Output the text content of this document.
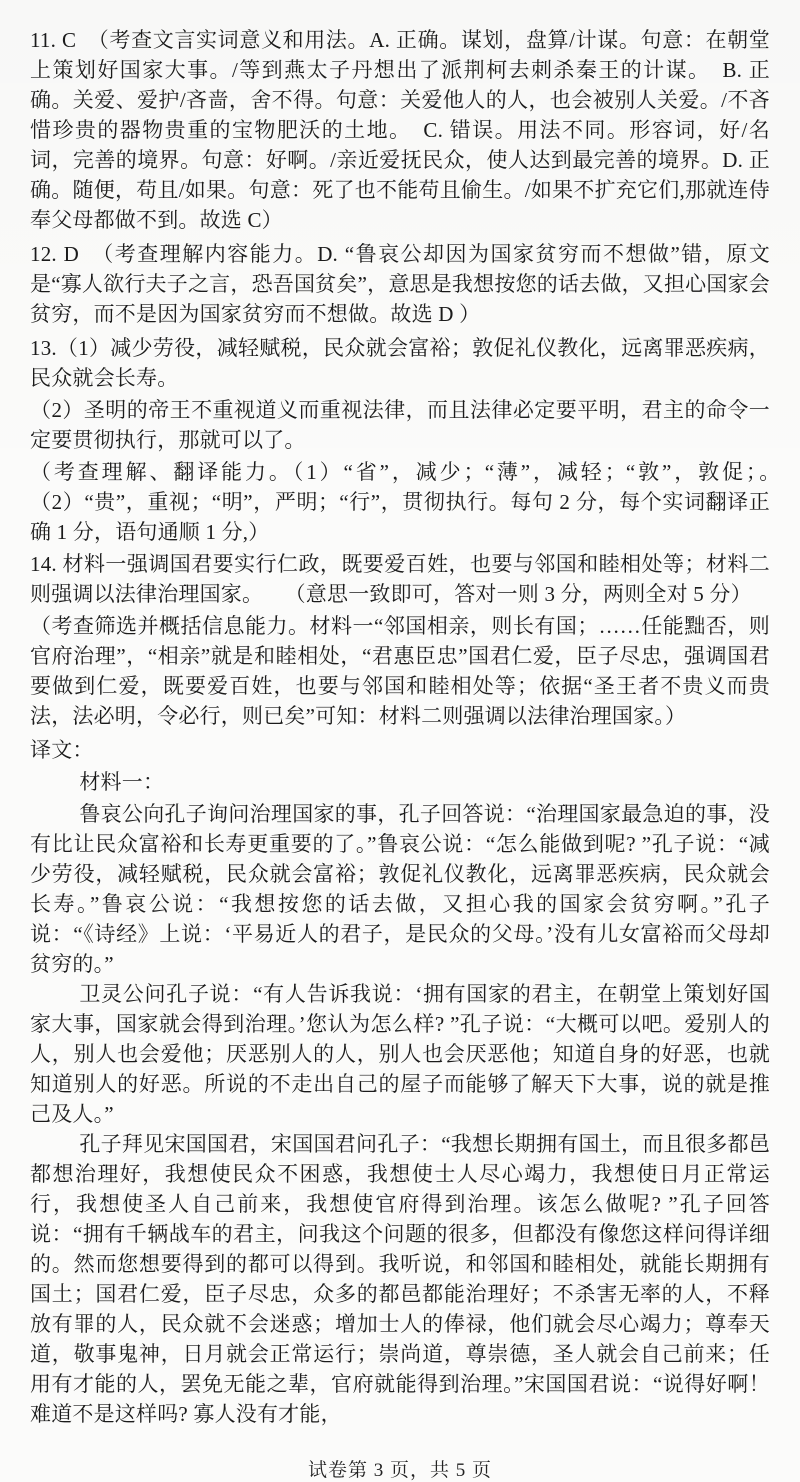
11. C　（考查文言实词意义和用法。A. 正确。谋划，盘算/计谋。句意：在朝堂上策划好国家大事。/等到燕太子丹想出了派荆柯去刺杀秦王的计谋。　B. 正确。关爱、爱护/吝啬，舍不得。句意：关爱他人的人，也会被别人关爱。/不吝惜珍贵的器物贵重的宝物肥沃的土地。　C. 错误。用法不同。形容词，好/名词，完善的境界。句意：好啊。/亲近爱抚民众，使人达到最完善的境界。D. 正确。随便，苟且/如果。句意：死了也不能苟且偷生。/如果不扩充它们,那就连侍奉父母都做不到。故选 C）

12. D　（考查理解内容能力。D. “鲁哀公却因为国家贫穷而不想做”错，原文是“寡人欲行夫子之言，恐吾国贫矣”，意思是我想按您的话去做，又担心国家会贫穷，而不是因为国家贫穷而不想做。故选 D ）

13.（1）减少劳役，减轻赋税，民众就会富裕；敦促礼仪教化，远离罪恶疾病，民众就会长寿。

（2）圣明的帝王不重视道义而重视法律，而且法律必定要平明，君主的命令一定要贯彻执行，那就可以了。

（考查理解、翻译能力。（1）“省”，减少；“薄”，减轻；“敦”，敦促；。　（2）“贵”，重视；“明”，严明；“行”，贯彻执行。每句 2 分，每个实词翻译正确 1 分，语句通顺 1 分,）

14. 材料一强调国君要实行仁政，既要爱百姓，也要与邻国和睦相处等；材料二则强调以法律治理国家。　　（意思一致即可，答对一则 3 分，两则全对 5 分）

（考查筛选并概括信息能力。材料一“邻国相亲，则长有国；……任能黜否，则官府治理”，“相亲”就是和睦相处，“君惠臣忠”国君仁爱，臣子尽忠，强调国君要做到仁爱，既要爱百姓，也要与邻国和睦相处等；依据“圣王者不贵义而贵法，法必明，令必行，则已矣”可知：材料二则强调以法律治理国家。）

译文：

材料一：

鲁哀公向孔子询问治理国家的事，孔子回答说：“治理国家最急迫的事，没有比让民众富裕和长寿更重要的了。”鲁哀公说：“怎么能做到呢? ”孔子说：“减少劳役，减轻赋税，民众就会富裕；敦促礼仪教化，远离罪恶疾病，民众就会长寿。”鲁哀公说：“我想按您的话去做，又担心我的国家会贫穷啊。”孔子说：“《诗经》上说：‘平易近人的君子，是民众的父母。’没有儿女富裕而父母却贫穷的。”

卫灵公问孔子说：“有人告诉我说：‘拥有国家的君主，在朝堂上策划好国家大事，国家就会得到治理。’您认为怎么样? ”孔子说：“大概可以吧。爱别人的人，别人也会爱他；厌恶别人的人，别人也会厌恶他；知道自身的好恶，也就知道别人的好恶。所说的不走出自己的屋子而能够了解天下大事，说的就是推己及人。”

孔子拜见宋国国君，宋国国君问孔子：“我想长期拥有国土，而且很多都邑都想治理好，我想使民众不困惑，我想使士人尽心竭力，我想使日月正常运行，我想使圣人自己前来，我想使官府得到治理。该怎么做呢? ”孔子回答说：“拥有千辆战车的君主，问我这个问题的很多，但都没有像您这样问得详细的。然而您想要得到的都可以得到。我听说，和邻国和睦相处，就能长期拥有国土；国君仁爱，臣子尽忠，众多的都邑都能治理好；不杀害无率的人，不释放有罪的人，民众就不会迷惑；增加士人的俸禄，他们就会尽心竭力；尊奉天道，敬事鬼神，日月就会正常运行；崇尚道，尊崇德，圣人就会自己前来；任用有才能的人，罢免无能之辈，官府就能得到治理。”宋国国君说：“说得好啊！难道不是这样吗? 寡人没有才能，

试卷第 3 页，共 5 页
